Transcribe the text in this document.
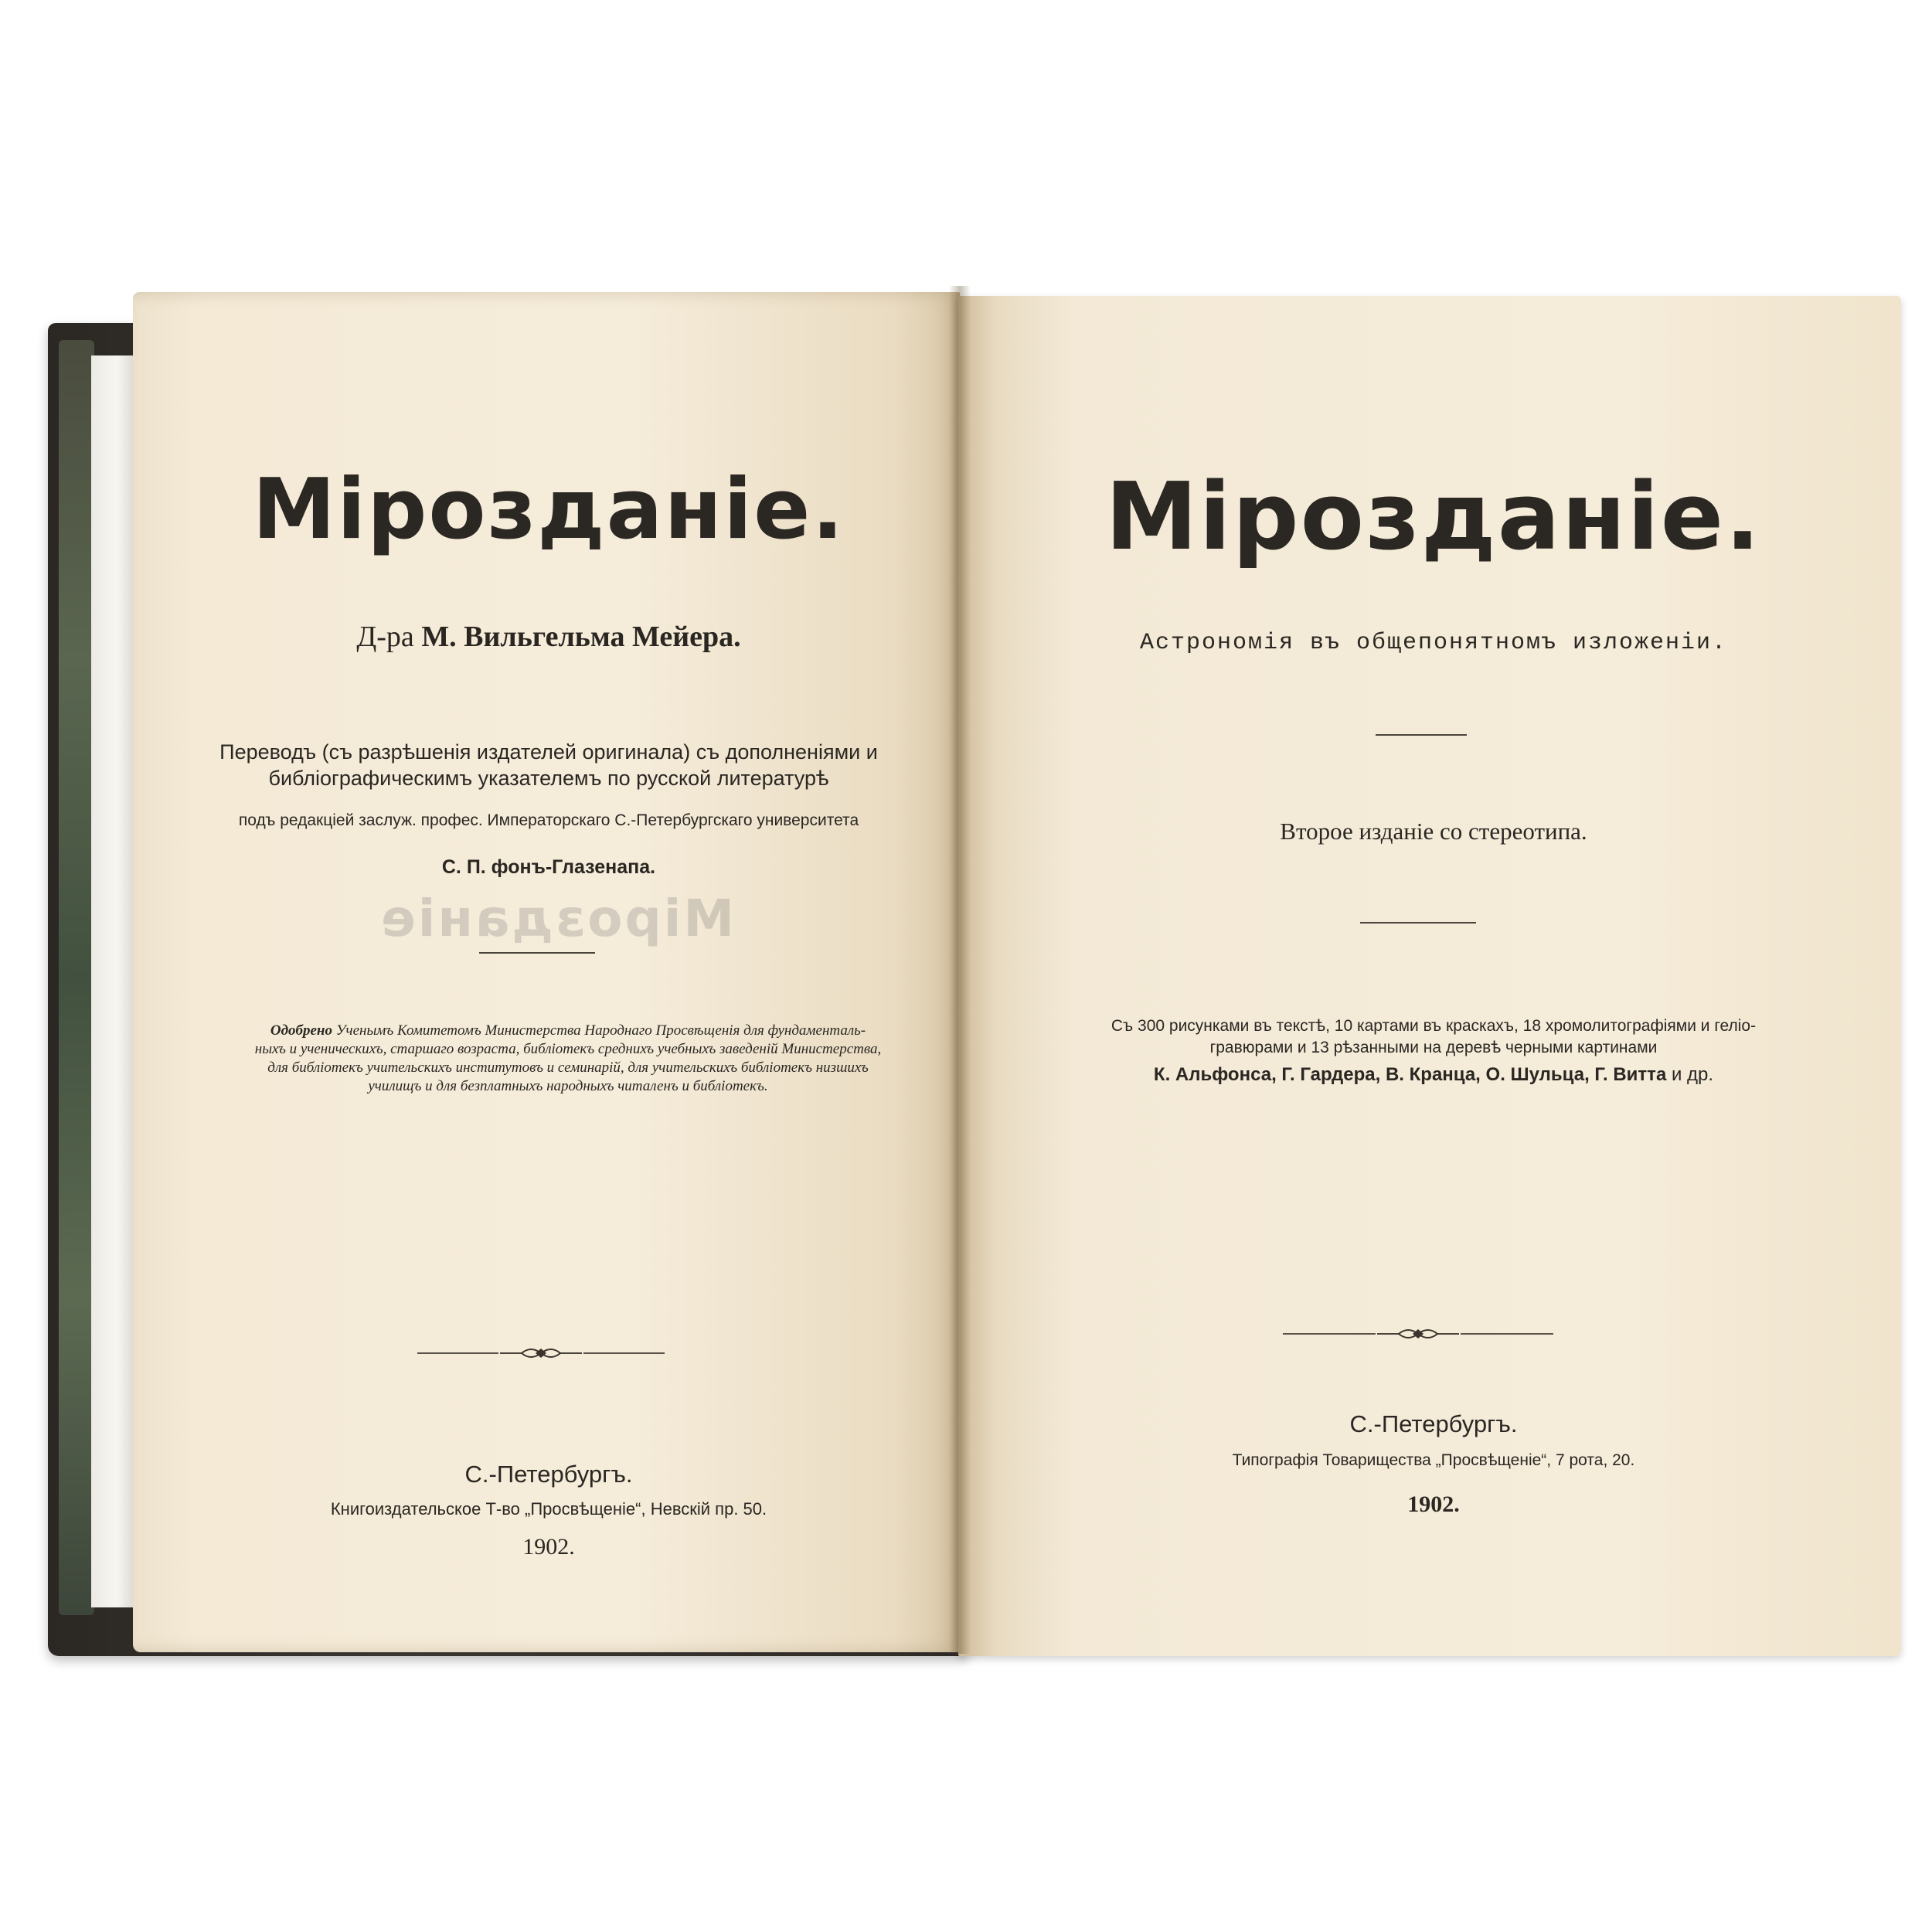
Мiрозданiе.
Д-ра М. Вильгельма Мейера.
Переводъ (съ разрѣшенiя издателей оригинала) съ дополненiями и
библiографическимъ указателемъ по русской литературѣ
подъ редакцiей заслуж. профес. Императорскаго С.-Петербургскаго университета
С. П. фонъ-Глазенапа.
Мiрозданiе
Одобрено Ученымъ Комитетомъ Министерства Народнаго Просвѣщенiя для фундаменталь-
ныхъ и ученическихъ, старшаго возраста, библiотекъ среднихъ учебныхъ заведенiй Министерства,
для библiотекъ учительскихъ институтовъ и семинарiй, для учительскихъ библiотекъ низшихъ
училищъ и для безплатныхъ народныхъ читаленъ и библiотекъ.
С.-Петербургъ.
Книгоиздательское Т-во „Просвѣщенiе“, Невскiй пр. 50.
1902.
Мiрозданiе.
Астрономiя въ общепонятномъ изложенiи.
Второе изданiе со стереотипа.
Съ 300 рисунками въ текстѣ, 10 картами въ краскахъ, 18 хромолитографiями и гелiо-
гравюрами и 13 рѣзанными на деревѣ черными картинами
К. Альфонса, Г. Гардера, В. Кранца, О. Шульца, Г. Витта и др.
С.-Петербургъ.
Типографiя Товарищества „Просвѣщенiе“, 7 рота, 20.
1902.
